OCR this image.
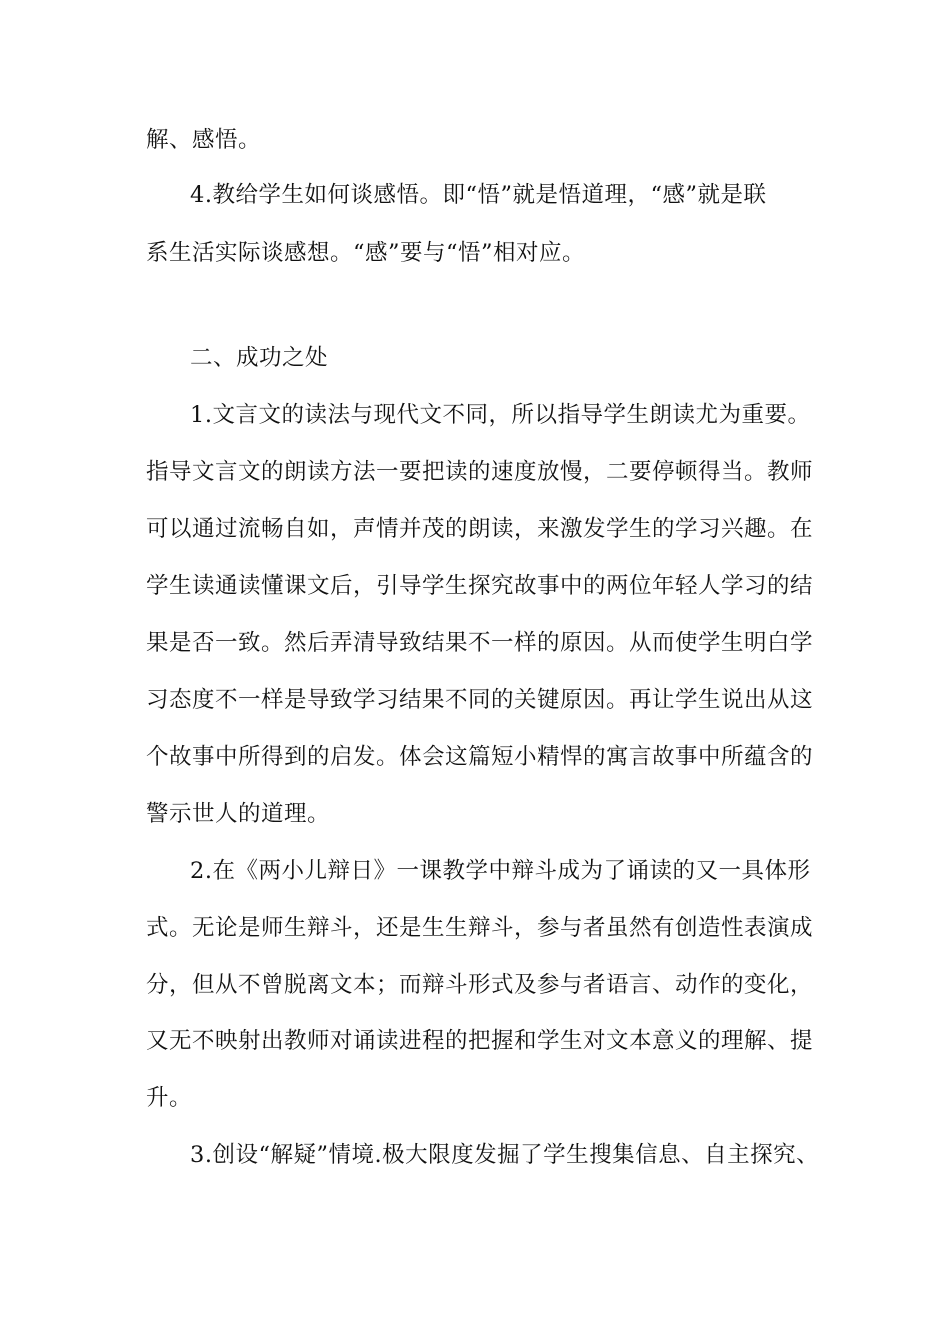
解、感悟。
4.教给学生如何谈感悟。即“悟”就是悟道理，“感”就是联
系生活实际谈感想。“感”要与“悟”相对应。
二、成功之处
1.文言文的读法与现代文不同，所以指导学生朗读尤为重要。
指导文言文的朗读方法一要把读的速度放慢，二要停顿得当。教师
可以通过流畅自如，声情并茂的朗读，来激发学生的学习兴趣。在
学生读通读懂课文后，引导学生探究故事中的两位年轻人学习的结
果是否一致。然后弄清导致结果不一样的原因。从而使学生明白学
习态度不一样是导致学习结果不同的关键原因。再让学生说出从这
个故事中所得到的启发。体会这篇短小精悍的寓言故事中所蕴含的
警示世人的道理。
2.在《两小儿辩日》一课教学中辩斗成为了诵读的又一具体形
式。无论是师生辩斗，还是生生辩斗，参与者虽然有创造性表演成
分，但从不曾脱离文本；而辩斗形式及参与者语言、动作的变化，
又无不映射出教师对诵读进程的把握和学生对文本意义的理解、提
升。
3.创设“解疑”情境.极大限度发掘了学生搜集信息、自主探究、
